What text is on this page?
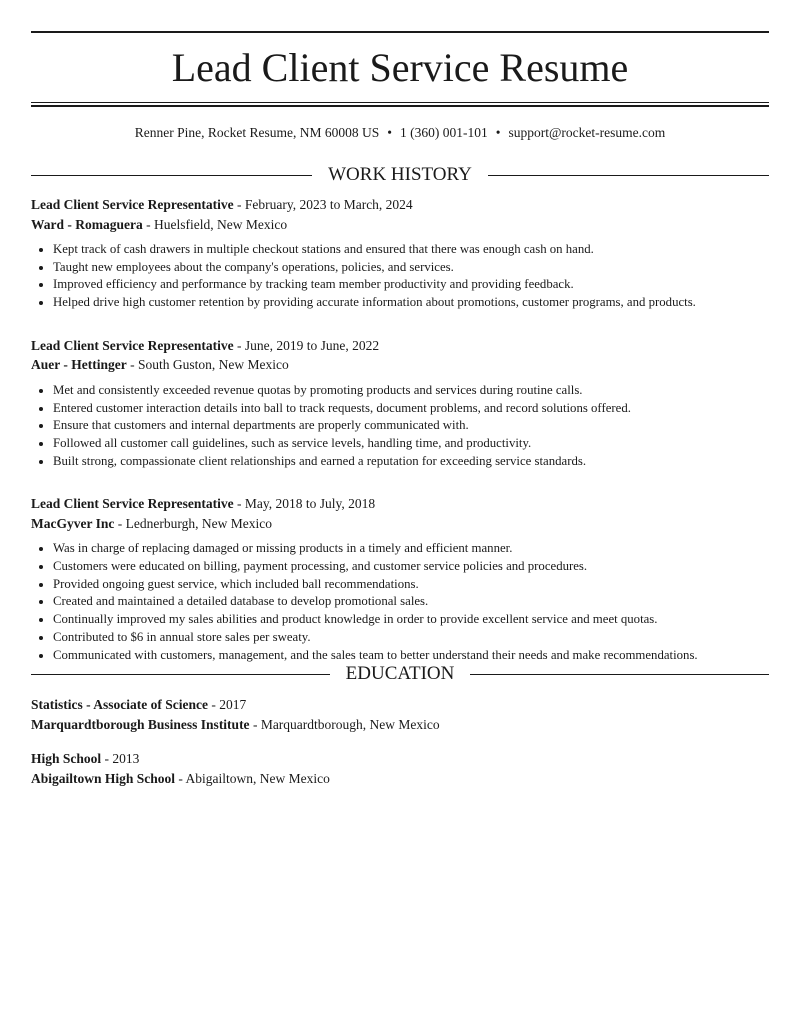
Lead Client Service Resume
Renner Pine, Rocket Resume, NM 60008 US • 1 (360) 001-101 • support@rocket-resume.com
WORK HISTORY
Lead Client Service Representative - February, 2023 to March, 2024
Ward - Romaguera - Huelsfield, New Mexico
• Kept track of cash drawers in multiple checkout stations and ensured that there was enough cash on hand.
• Taught new employees about the company's operations, policies, and services.
• Improved efficiency and performance by tracking team member productivity and providing feedback.
• Helped drive high customer retention by providing accurate information about promotions, customer programs, and products.
Lead Client Service Representative - June, 2019 to June, 2022
Auer - Hettinger - South Guston, New Mexico
• Met and consistently exceeded revenue quotas by promoting products and services during routine calls.
• Entered customer interaction details into ball to track requests, document problems, and record solutions offered.
• Ensure that customers and internal departments are properly communicated with.
• Followed all customer call guidelines, such as service levels, handling time, and productivity.
• Built strong, compassionate client relationships and earned a reputation for exceeding service standards.
Lead Client Service Representative - May, 2018 to July, 2018
MacGyver Inc - Lednerburgh, New Mexico
• Was in charge of replacing damaged or missing products in a timely and efficient manner.
• Customers were educated on billing, payment processing, and customer service policies and procedures.
• Provided ongoing guest service, which included ball recommendations.
• Created and maintained a detailed database to develop promotional sales.
• Continually improved my sales abilities and product knowledge in order to provide excellent service and meet quotas.
• Contributed to $6 in annual store sales per sweaty.
• Communicated with customers, management, and the sales team to better understand their needs and make recommendations.
EDUCATION
Statistics - Associate of Science - 2017
Marquardtborough Business Institute - Marquardtborough, New Mexico
High School - 2013
Abigailtown High School - Abigailtown, New Mexico
